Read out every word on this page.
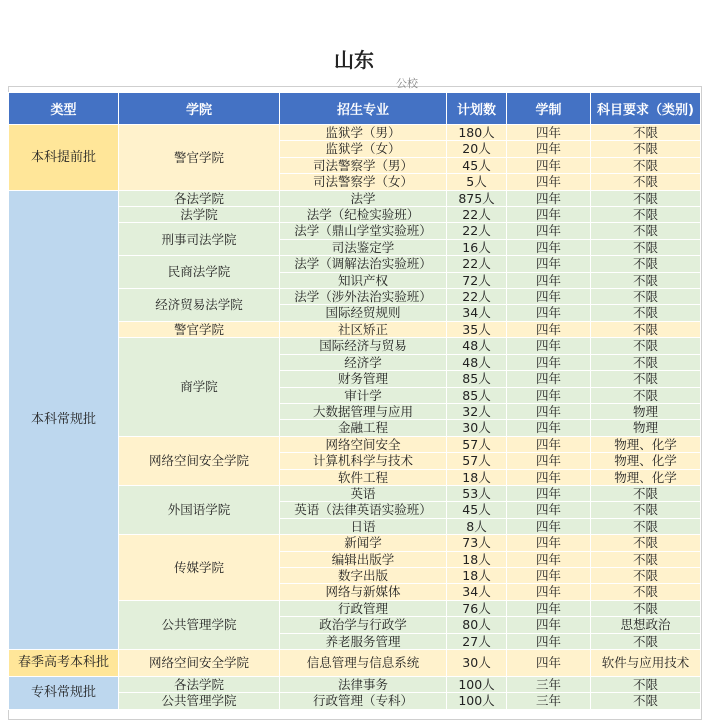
山东
公校
类型	学院	招生专业	计划数	学制	科目要求（类别)
本科提前批	警官学院	监狱学（男）	180人	四年	不限
		监狱学（女）	20人	四年	不限
		司法警察学（男）	45人	四年	不限
		司法警察学（女）	5人	四年	不限
本科常规批	各法学院	法学	875人	四年	不限
	法学院	法学（纪检实验班）	22人	四年	不限
	刑事司法学院	法学（鼎山学堂实验班）	22人	四年	不限
		司法鉴定学	16人	四年	不限
	民商法学院	法学（调解法治实验班）	22人	四年	不限
		知识产权	72人	四年	不限
	经济贸易法学院	法学（涉外法治实验班）	22人	四年	不限
		国际经贸规则	34人	四年	不限
	警官学院	社区矫正	35人	四年	不限
	商学院	国际经济与贸易	48人	四年	不限
		经济学	48人	四年	不限
		财务管理	85人	四年	不限
		审计学	85人	四年	不限
		大数据管理与应用	32人	四年	物理
		金融工程	30人	四年	物理
	网络空间安全学院	网络空间安全	57人	四年	物理、化学
		计算机科学与技术	57人	四年	物理、化学
		软件工程	18人	四年	物理、化学
	外国语学院	英语	53人	四年	不限
		英语（法律英语实验班）	45人	四年	不限
		日语	8人	四年	不限
	传媒学院	新闻学	73人	四年	不限
		编辑出版学	18人	四年	不限
		数字出版	18人	四年	不限
		网络与新媒体	34人	四年	不限
	公共管理学院	行政管理	76人	四年	不限
		政治学与行政学	80人	四年	思想政治
		养老服务管理	27人	四年	不限
春季高考本科批	网络空间安全学院	信息管理与信息系统	30人	四年	软件与应用技术
专科常规批	各法学院	法律事务	100人	三年	不限
	公共管理学院	行政管理（专科）	100人	三年	不限
